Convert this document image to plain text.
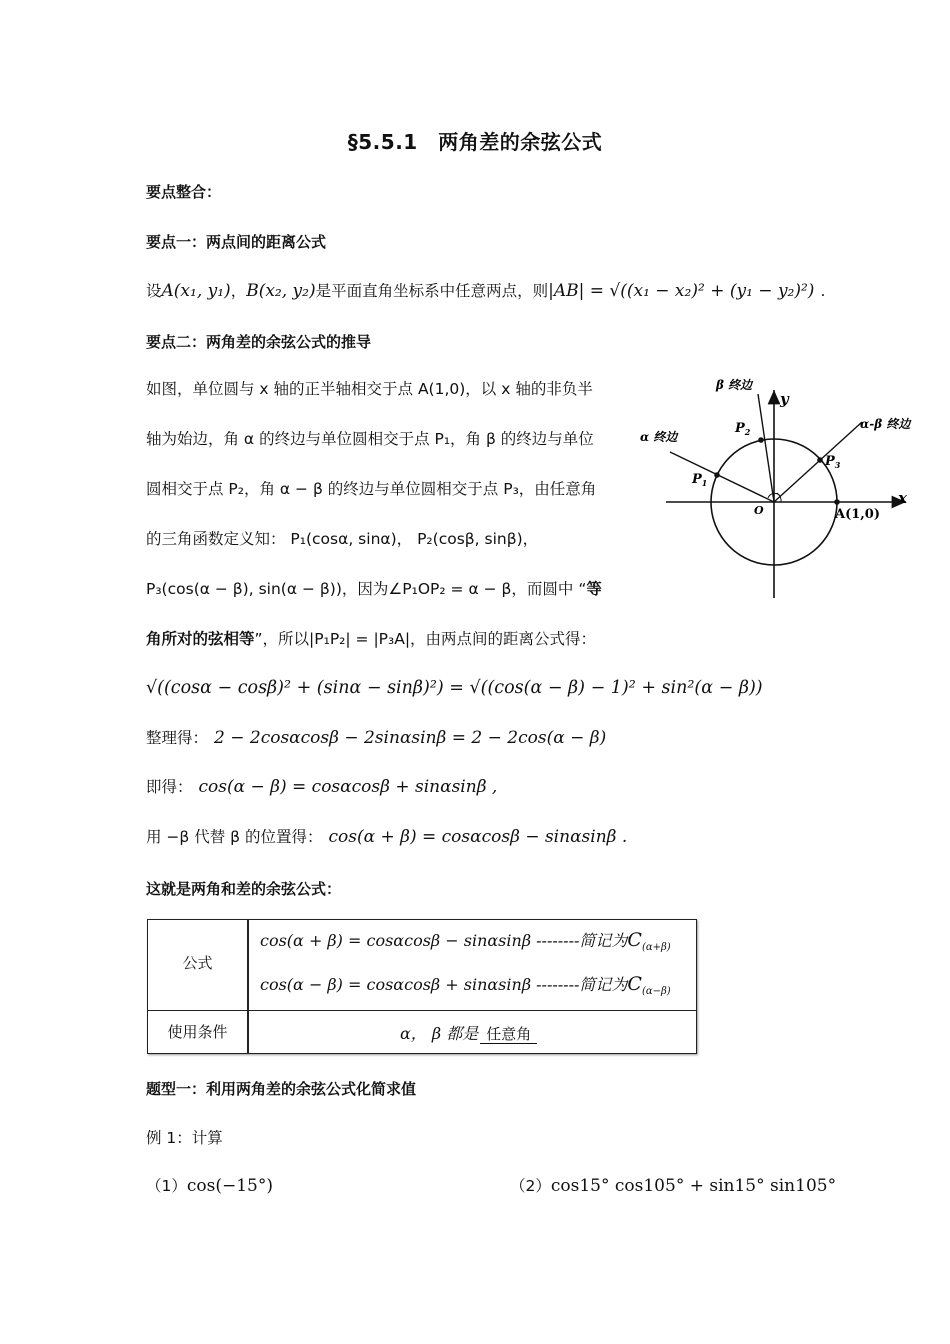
§5.5.1　两角差的余弦公式
要点整合：
要点一：两点间的距离公式
设A(x₁, y₁)，B(x₂, y₂)是平面直角坐标系中任意两点，则|AB| = √((x₁ − x₂)² + (y₁ − y₂)²) .
要点二：两角差的余弦公式的推导
如图，单位圆与 x 轴的正半轴相交于点 A(1,0)，以 x 轴的非负半
轴为始边，角 α 的终边与单位圆相交于点 P₁，角 β 的终边与单位
圆相交于点 P₂，角 α − β 的终边与单位圆相交于点 P₃，由任意角
的三角函数定义知： P₁(cosα, sinα)， P₂(cosβ, sinβ)，
P₃(cos(α − β), sin(α − β))，因为∠P₁OP₂ = α − β，而圆中 “等
角所对的弦相等”，所以|P₁P₂| = |P₃A|，由两点间的距离公式得：
√((cosα − cosβ)² + (sinα − sinβ)²) = √((cos(α − β) − 1)² + sin²(α − β))
整理得： 2 − 2cosαcosβ − 2sinαsinβ = 2 − 2cos(α − β)
即得： cos(α − β) = cosαcosβ + sinαsinβ ,
用 −β 代替 β 的位置得： cos(α + β) = cosαcosβ − sinαsinβ .
β 终边
α 终边
α-β 终边
y
x
O	A(1,0)
$P_1$
$P_2$
$P_3$
这就是两角和差的余弦公式：
公式
cos(α + β) = cosαcosβ − sinαsinβ --------简记为$C_{(\alpha+\beta)}$
cos(α − β) = cosαcosβ + sinαsinβ --------简记为$C_{(\alpha-\beta)}$
使用条件	α， β 都是 任意角
题型一：利用两角差的余弦公式化简求值
例 1：计算
（1）cos(−15°)	（2）cos15° cos105° + sin15° sin105°
